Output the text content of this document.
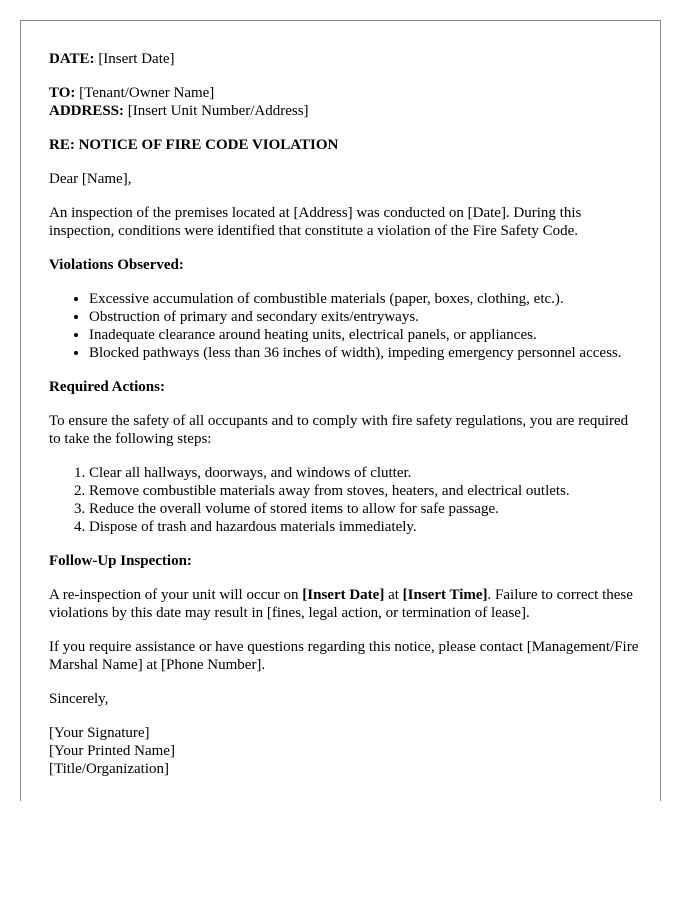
DATE: [Insert Date]

TO: [Tenant/Owner Name]

ADDRESS: [Insert Unit Number/Address]

RE: NOTICE OF FIRE CODE VIOLATION

Dear [Name],

An inspection of the premises located at [Address] was conducted on [Date]. During this inspection, conditions were identified that constitute a violation of the Fire Safety Code.

Violations Observed:

• Excessive accumulation of combustible materials (paper, boxes, clothing, etc.).
• Obstruction of primary and secondary exits/entryways.
• Inadequate clearance around heating units, electrical panels, or appliances.
• Blocked pathways (less than 36 inches of width), impeding emergency personnel access.

Required Actions:

To ensure the safety of all occupants and to comply with fire safety regulations, you are required to take the following steps:

1. Clear all hallways, doorways, and windows of clutter.
2. Remove combustible materials away from stoves, heaters, and electrical outlets.
3. Reduce the overall volume of stored items to allow for safe passage.
4. Dispose of trash and hazardous materials immediately.

Follow-Up Inspection:

A re-inspection of your unit will occur on [Insert Date] at [Insert Time]. Failure to correct these violations by this date may result in [fines, legal action, or termination of lease].

If you require assistance or have questions regarding this notice, please contact [Management/Fire Marshal Name] at [Phone Number].

Sincerely,

[Your Signature]

[Your Printed Name]

[Title/Organization]
